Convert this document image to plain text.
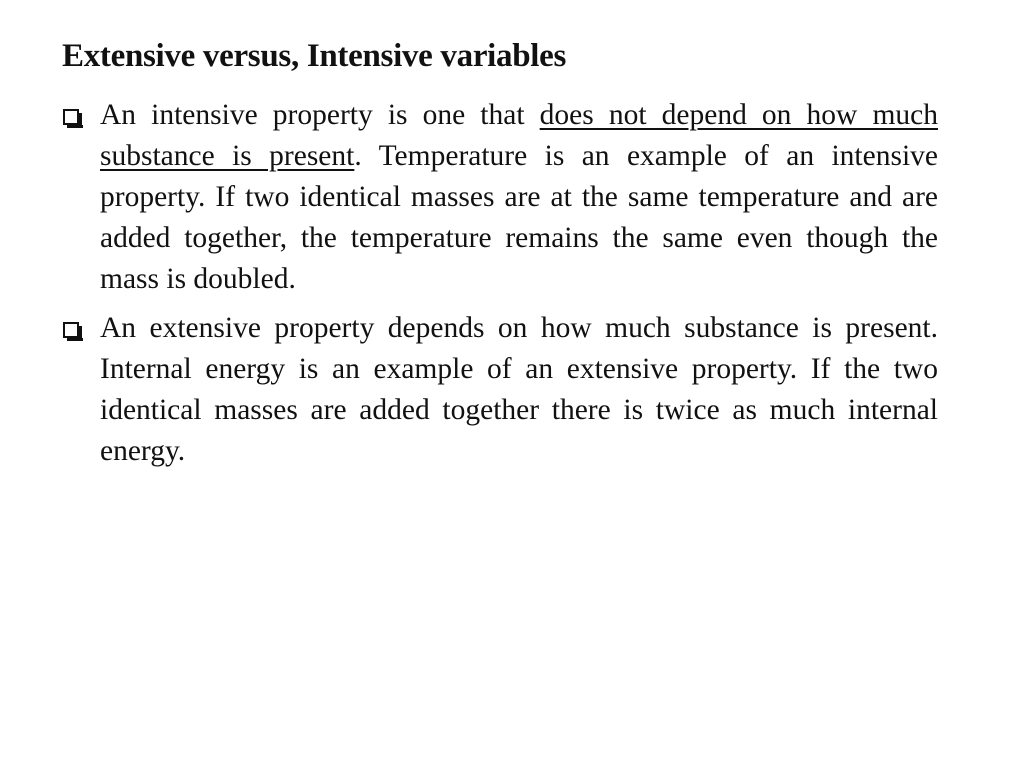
Extensive versus, Intensive variables
An intensive property is one that does not depend on how much substance is present. Temperature is an example of an intensive property. If two identical masses are at the same temperature and are added together, the temperature remains the same even though the mass is doubled.
An extensive property depends on how much substance is present. Internal energy is an example of an extensive property. If the two identical masses are added together there is twice as much internal energy.
